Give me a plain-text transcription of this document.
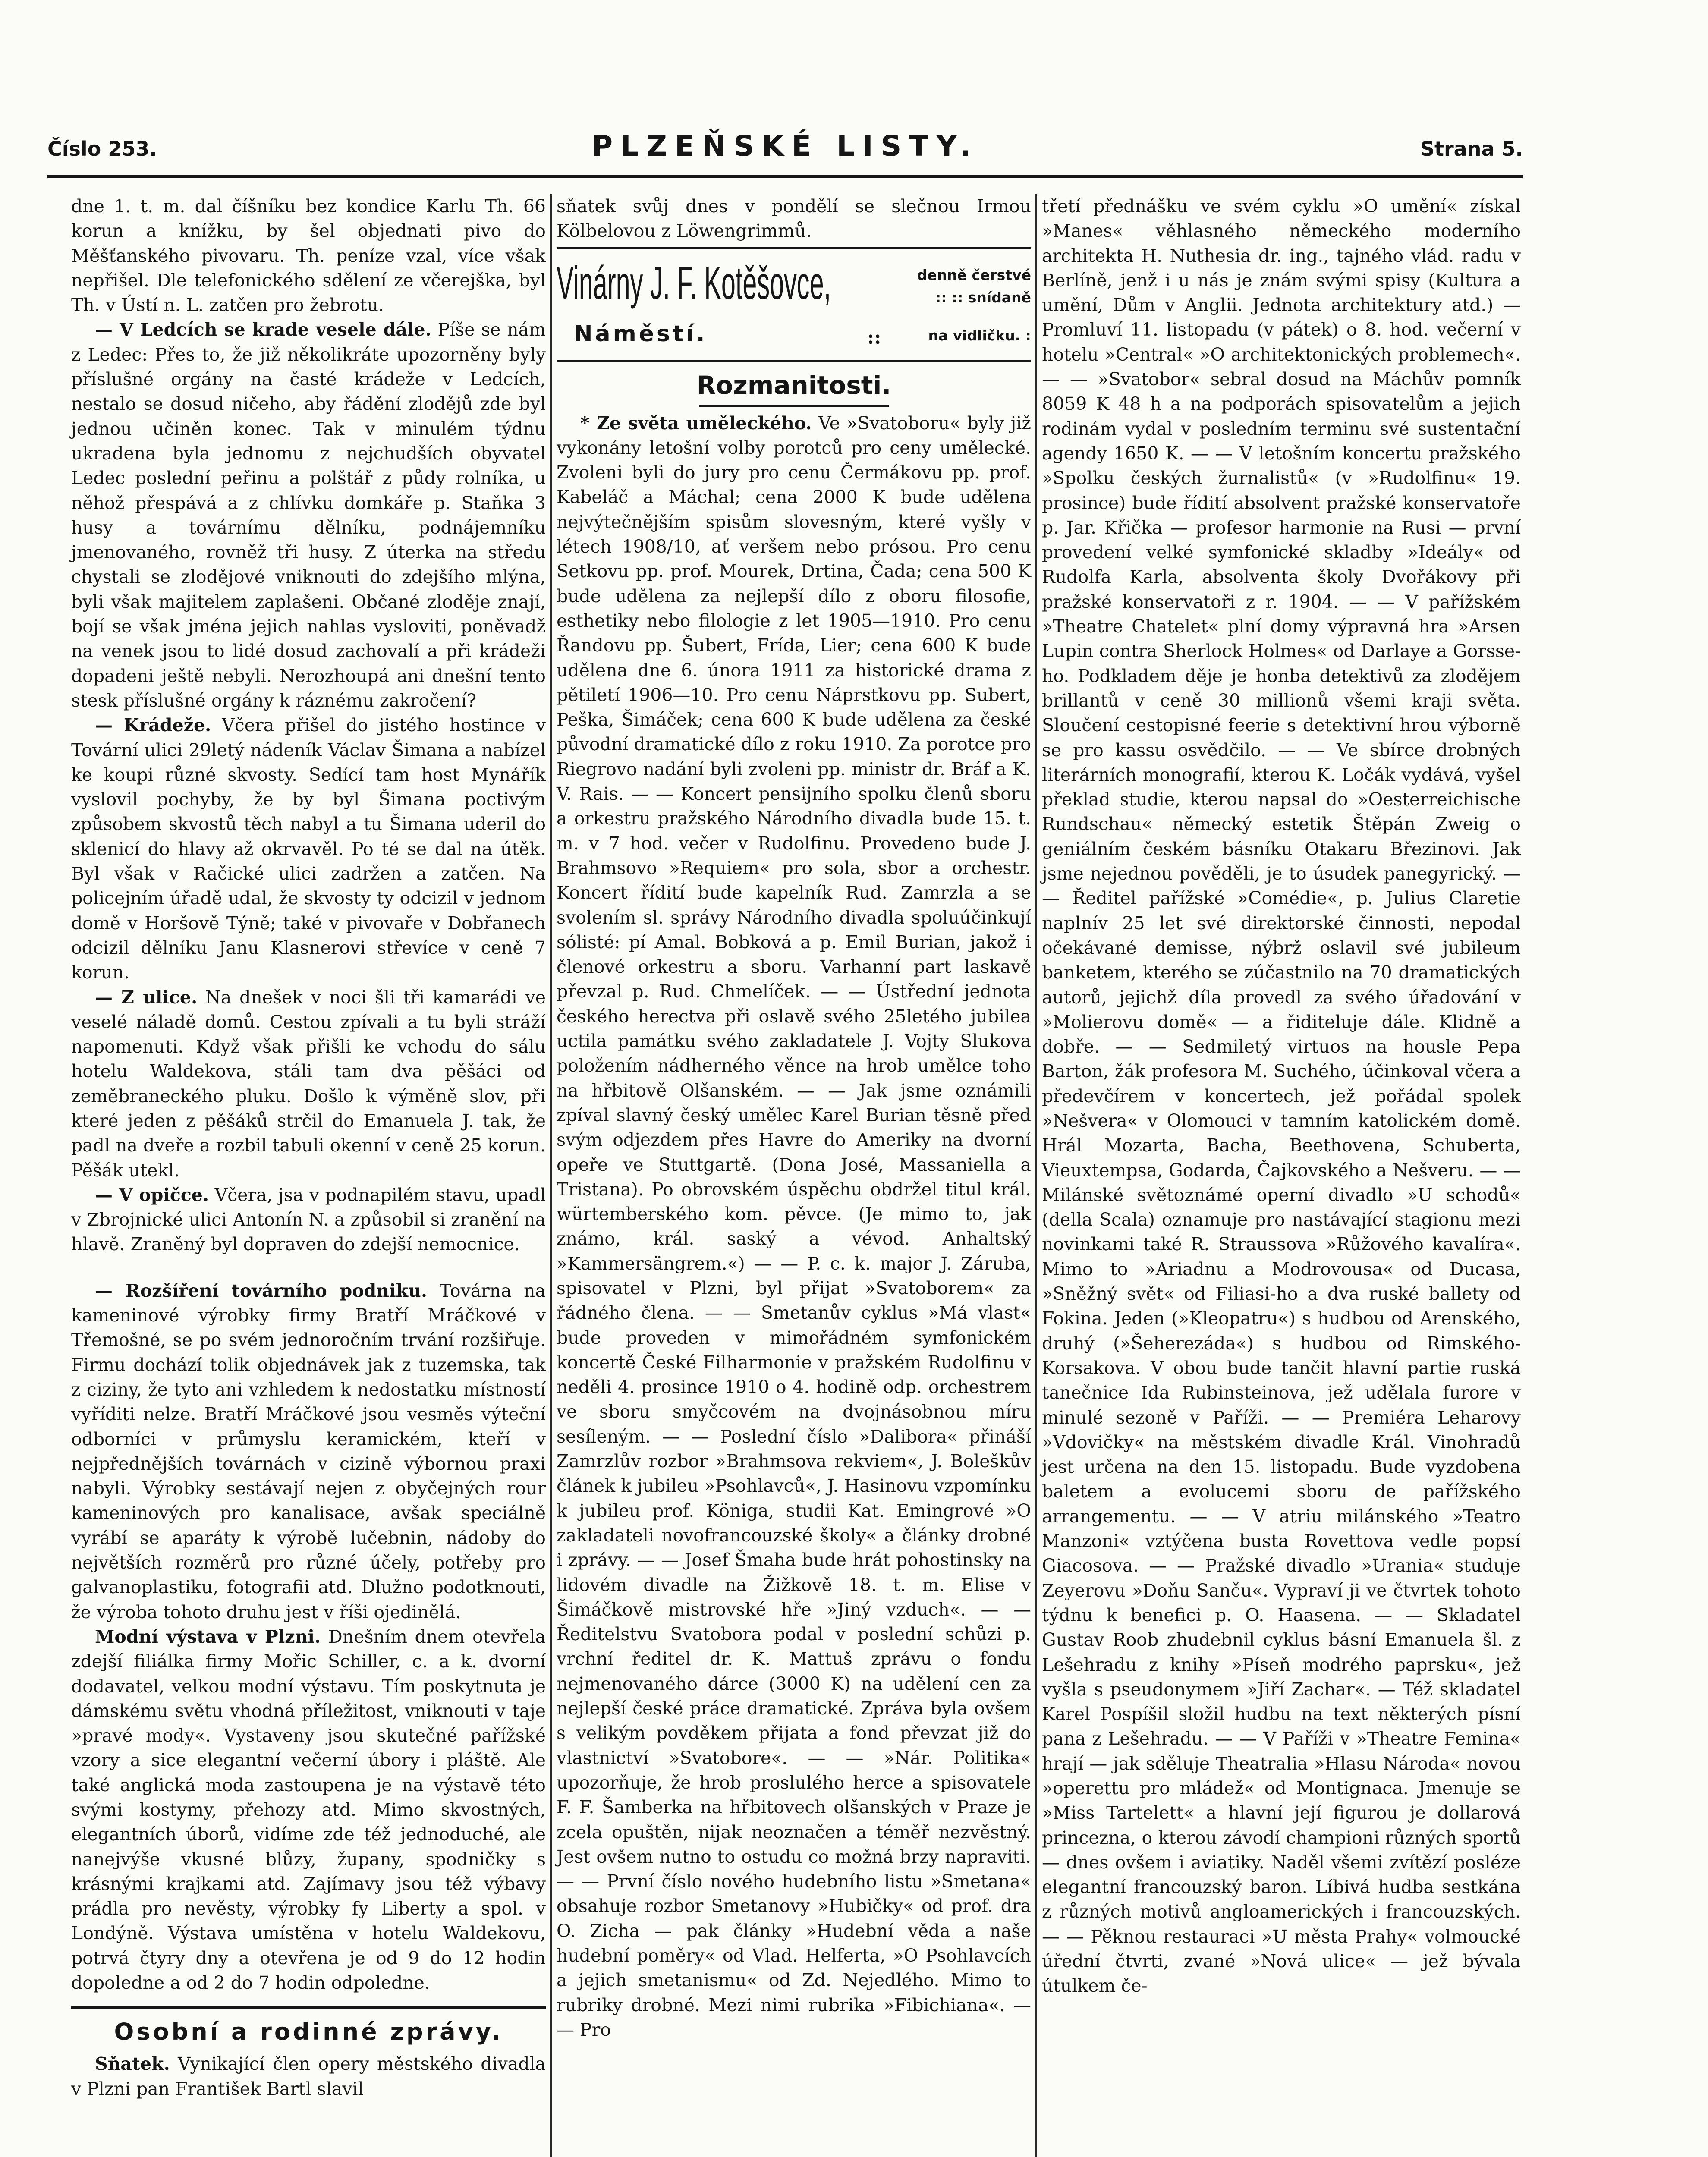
Číslo 253.	PLZEŇSKÉ LISTY.	Strana 5.

dne 1. t. m. dal číšníku bez kondice Karlu Th. 66 korun a knížku, by šel objednati pivo do Měšťanského pivovaru. Th. peníze vzal, více však nepřišel. Dle telefonického sdělení ze včerejška, byl Th. v Ústí n. L. zatčen pro žebrotu.

— V Ledcích se krade vesele dále. Píše se nám z Ledec: Přes to, že již několikráte upozorněny byly příslušné orgány na časté krádeže v Ledcích, nestalo se dosud ničeho, aby řádění zlodějů zde byl jednou učiněn konec. Tak v minulém týdnu ukradena byla jednomu z nejchudších obyvatel Ledec poslední peřinu a polštář z půdy rolníka, u něhož přespává a z chlívku domkáře p. Staňka 3 husy a továrnímu dělníku, podnájemníku jmenovaného, rovněž tři husy. Z úterka na středu chystali se zlodějové vniknouti do zdejšího mlýna, byli však majitelem zaplašeni. Občané zloděje znají, bojí se však jména jejich nahlas vysloviti, poněvadž na venek jsou to lidé dosud zachovalí a při krádeži dopadeni ještě nebyli. Nerozhoupá ani dnešní tento stesk příslušné orgány k ráznému zakročení?

— Krádeže. Včera přišel do jistého hostince v Tovární ulici 29letý nádeník Václav Šimana a nabízel ke koupi různé skvosty. Sedící tam host Mynářík vyslovil pochyby, že by byl Šimana poctivým způsobem skvostů těch nabyl a tu Šimana uderil do sklenicí do hlavy až okrvavěl. Po té se dal na útěk. Byl však v Račické ulici zadržen a zatčen. Na policejním úřadě udal, že skvosty ty odcizil v jednom domě v Horšově Týně; také v pivovaře v Dobřanech odcizil dělníku Janu Klasnerovi střevíce v ceně 7 korun.

— Z ulice. Na dnešek v noci šli tři kamarádi ve veselé náladě domů. Cestou zpívali a tu byli stráží napomenuti. Když však přišli ke vchodu do sálu hotelu Waldekova, stáli tam dva pěšáci od zeměbraneckého pluku. Došlo k výměně slov, při které jeden z pěšáků strčil do Emanuela J. tak, že padl na dveře a rozbil tabuli okenní v ceně 25 korun. Pěšák utekl.

— V opičce. Včera, jsa v podnapilém stavu, upadl v Zbrojnické ulici Antonín N. a způsobil si zranění na hlavě. Zraněný byl dopraven do zdejší nemocnice.

— Rozšíření továrního podniku. Továrna na kameninové výrobky firmy Bratří Mráčkové v Třemošné, se po svém jednoročním trvání rozšiřuje. Firmu dochází tolik objednávek jak z tuzemska, tak z ciziny, že tyto ani vzhledem k nedostatku místností vyříditi nelze. Bratří Mráčkové jsou vesměs výteční odborníci v průmyslu keramickém, kteří v nejpřednějších továrnách v cizině výbornou praxi nabyli. Výrobky sestávají nejen z obyčejných rour kameninových pro kanalisace, avšak speciálně vyrábí se aparáty k výrobě lučebnin, nádoby do největších rozměrů pro různé účely, potřeby pro galvanoplastiku, fotografii atd. Dlužno podotknouti, že výroba tohoto druhu jest v říši ojedinělá.

Modní výstava v Plzni. Dnešním dnem otevřela zdejší filiálka firmy Mořic Schiller, c. a k. dvorní dodavatel, velkou modní výstavu. Tím poskytnuta je dámskému světu vhodná příležitost, vniknouti v taje »pravé mody«. Vystaveny jsou skutečné pařížské vzory a sice elegantní večerní úbory i pláště. Ale také anglická moda zastoupena je na výstavě této svými kostymy, přehozy atd. Mimo skvostných, elegantních úborů, vidíme zde též jednoduché, ale nanejvýše vkusné blůzy, župany, spodničky s krásnými krajkami atd. Zajímavy jsou též výbavy prádla pro nevěsty, výrobky fy Liberty a spol. v Londýně. Výstava umístěna v hotelu Waldekovu, potrvá čtyry dny a otevřena je od 9 do 12 hodin dopoledne a od 2 do 7 hodin odpoledne.

Osobní a rodinné zprávy.

Sňatek. Vynikající člen opery městského divadla v Plzni pan František Bartl slavil

sňatek svůj dnes v pondělí se slečnou Irmou Kölbelovou z Löwengrimmů.

Vinárny J. F. Kotěšovce,	denně čerstvé
:: :: snídaně
Náměstí.	::	na vidličku. :
Rozmanitosti.

* Ze světa uměleckého. Ve »Svatoboru« byly již vykonány letošní volby porotců pro ceny umělecké. Zvoleni byli do jury pro cenu Čermákovu pp. prof. Kabeláč a Máchal; cena 2000 K bude udělena nejvýtečnějším spisům slovesným, které vyšly v létech 1908/10, ať veršem nebo prósou. Pro cenu Setkovu pp. prof. Mourek, Drtina, Čada; cena 500 K bude udělena za nejlepší dílo z oboru filosofie, esthetiky nebo filologie z let 1905—1910. Pro cenu Řandovu pp. Šubert, Frída, Lier; cena 600 K bude udělena dne 6. února 1911 za historické drama z pětiletí 1906—10. Pro cenu Náprstkovu pp. Subert, Peška, Šimáček; cena 600 K bude udělena za české původní dramatické dílo z roku 1910. Za porotce pro Riegrovo nadání byli zvoleni pp. ministr dr. Bráf a K. V. Rais. — — Koncert pensijního spolku členů sboru a orkestru pražského Národního divadla bude 15. t. m. v 7 hod. večer v Rudolfinu. Provedeno bude J. Brahmsovo »Requiem« pro sola, sbor a orchestr. Koncert řídití bude kapelník Rud. Zamrzla a se svolením sl. správy Národního divadla spoluúčinkují sólisté: pí Amal. Bobková a p. Emil Burian, jakož i členové orkestru a sboru. Varhanní part laskavě převzal p. Rud. Chmelíček. — — Ústřední jednota českého herectva při oslavě svého 25letého jubilea uctila památku svého zakladatele J. Vojty Slukova položením nádherného věnce na hrob umělce toho na hřbitově Olšanském. — — Jak jsme oznámili zpíval slavný český umělec Karel Burian těsně před svým odjezdem přes Havre do Ameriky na dvorní opeře ve Stuttgartě. (Dona José, Massaniella a Tristana). Po obrovském úspěchu obdržel titul král. würtemberského kom. pěvce. (Je mimo to, jak známo, král. saský a vévod. Anhaltský »Kammersängrem.«) — — P. c. k. major J. Záruba, spisovatel v Plzni, byl přijat »Svatoborem« za řádného člena. — — Smetanův cyklus »Má vlast« bude proveden v mimořádném symfonickém koncertě České Filharmonie v pražském Rudolfinu v neděli 4. prosince 1910 o 4. hodině odp. orchestrem ve sboru smyčcovém na dvojnásobnou míru sesíleným. — — Poslední číslo »Dalibora« přináší Zamrzlův rozbor »Brahmsova rekviem«, J. Boleškův článek k jubileu »Psohlavců«, J. Hasinovu vzpomínku k jubileu prof. Königa, studii Kat. Emingrové »O zakladateli novofrancouzské školy« a články drobné i zprávy. — — Josef Šmaha bude hrát pohostinsky na lidovém divadle na Žižkově 18. t. m. Elise v Šimáčkově mistrovské hře »Jiný vzduch«. — — Ředitelstvu Svatobora podal v poslední schůzi p. vrchní ředitel dr. K. Mattuš zprávu o fondu nejmenovaného dárce (3000 K) na udělení cen za nejlepší české práce dramatické. Zpráva byla ovšem s velikým povděkem přijata a fond převzat již do vlastnictví »Svatobore«. — — »Nár. Politika« upozorňuje, že hrob proslulého herce a spisovatele F. F. Šamberka na hřbitovech olšanských v Praze je zcela opuštěn, nijak neoznačen a téměř nezvěstný. Jest ovšem nutno to ostudu co možná brzy napraviti. — — První číslo nového hudebního listu »Smetana« obsahuje rozbor Smetanovy »Hubičky« od prof. dra O. Zicha — pak články »Hudební věda a naše hudební poměry« od Vlad. Helferta, »O Psohlavcích a jejich smetanismu« od Zd. Nejedlého. Mimo to rubriky drobné. Mezi nimi rubrika »Fibichiana«. — — Pro

třetí přednášku ve svém cyklu »O umění« získal »Manes« věhlasného německého moderního architekta H. Nuthesia dr. ing., tajného vlád. radu v Berlíně, jenž i u nás je znám svými spisy (Kultura a umění, Dům v Anglii. Jednota architektury atd.) — Promluví 11. listopadu (v pátek) o 8. hod. večerní v hotelu »Central« »O architektonických problemech«. — — »Svatobor« sebral dosud na Máchův pomník 8059 K 48 h a na podporách spisovatelům a jejich rodinám vydal v posledním terminu své sustentační agendy 1650 K. — — V letošním koncertu pražského »Spolku českých žurnalistů« (v »Rudolfinu« 19. prosince) bude řídití absolvent pražské konservatoře p. Jar. Křička — profesor harmonie na Rusi — první provedení velké symfonické skladby »Ideály« od Rudolfa Karla, absolventa školy Dvořákovy při pražské konservatoři z r. 1904. — — V pařížském »Theatre Chatelet« plní domy výpravná hra »Arsen Lupin contra Sherlock Holmes« od Darlaye a Gorsse-ho. Podkladem děje je honba detektivů za zlodějem brillantů v ceně 30 millionů všemi kraji světa. Sloučení cestopisné feerie s detektivní hrou výborně se pro kassu osvědčilo. — — Ve sbírce drobných literárních monografií, kterou K. Ločák vydává, vyšel překlad studie, kterou napsal do »Oesterreichische Rundschau« německý estetik Štěpán Zweig o geniálním českém básníku Otakaru Březinovi. Jak jsme nejednou pověděli, je to úsudek panegyrický. — — Ředitel pařížské »Comédie«, p. Julius Claretie naplnív 25 let své direktorské činnosti, nepodal očekávané demisse, nýbrž oslavil své jubileum banketem, kterého se zúčastnilo na 70 dramatických autorů, jejichž díla provedl za svého úřadování v »Molierovu domě« — a řiditeluje dále. Klidně a dobře. — — Sedmiletý virtuos na housle Pepa Barton, žák profesora M. Suchého, účinkoval včera a předevčírem v koncertech, jež pořádal spolek »Nešvera« v Olomouci v tamním katolickém domě. Hrál Mozarta, Bacha, Beethovena, Schuberta, Vieuxtempsa, Godarda, Čajkovského a Nešveru. — — Milánské světoznámé operní divadlo »U schodů« (della Scala) oznamuje pro nastávající stagionu mezi novinkami také R. Straussova »Růžového kavalíra«. Mimo to »Ariadnu a Modrovousa« od Ducasa, »Sněžný svět« od Filiasi-ho a dva ruské ballety od Fokina. Jeden (»Kleopatru«) s hudbou od Arenského, druhý (»Šeherezáda«) s hudbou od Rimského-Korsakova. V obou bude tančit hlavní partie ruská tanečnice Ida Rubinsteinova, jež udělala furore v minulé sezoně v Paříži. — — Premiéra Leharovy »Vdovičky« na městském divadle Král. Vinohradů jest určena na den 15. listopadu. Bude vyzdobena baletem a evolucemi sboru de pařížského arrangementu. — — V atriu milánského »Teatro Manzoni« vztýčena busta Rovettova vedle popsí Giacosova. — — Pražské divadlo »Urania« studuje Zeyerovu »Doňu Sanču«. Vypraví ji ve čtvrtek tohoto týdnu k benefici p. O. Haasena. — — Skladatel Gustav Roob zhudebnil cyklus básní Emanuela šl. z Lešehradu z knihy »Píseň modrého paprsku«, jež vyšla s pseudonymem »Jiří Zachar«. — Též skladatel Karel Pospíšil složil hudbu na text některých písní pana z Lešehradu. — — V Paříži v »Theatre Femina« hrají — jak sděluje Theatralia »Hlasu Národa« novou »operettu pro mládež« od Montignaca. Jmenuje se »Miss Tartelett« a hlavní její figurou je dollarová princezna, o kterou závodí championi různých sportů — dnes ovšem i aviatiky. Naděl všemi zvítězí posléze elegantní francouzský baron. Líbivá hudba sestkána z různých motivů angloamerických i francouzských. — — Pěknou restauraci »U města Prahy« volmoucké úřední čtvrti, zvané »Nová ulice« — jež bývala útulkem če-
